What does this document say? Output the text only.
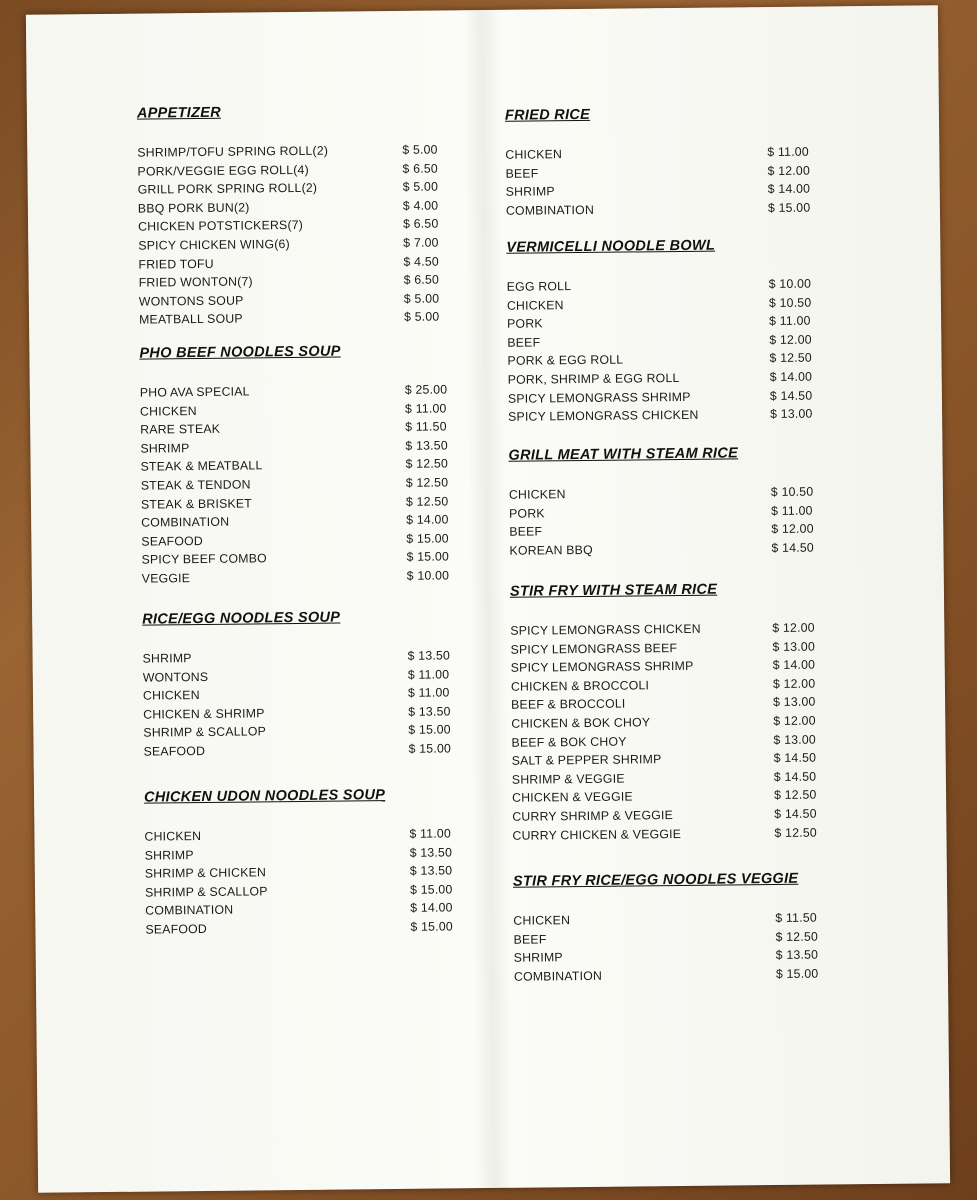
APPETIZER
SHRIMP/TOFU SPRING ROLL(2)	$ 5.00
PORK/VEGGIE EGG ROLL(4)	$ 6.50
GRILL PORK SPRING ROLL(2)	$ 5.00
BBQ PORK BUN(2)	$ 4.00
CHICKEN POTSTICKERS(7)	$ 6.50
SPICY CHICKEN WING(6)	$ 7.00
FRIED TOFU	$ 4.50
FRIED WONTON(7)	$ 6.50
WONTONS SOUP	$ 5.00
MEATBALL SOUP	$ 5.00
PHO BEEF NOODLES SOUP
PHO AVA SPECIAL	$ 25.00
CHICKEN	$ 11.00
RARE STEAK	$ 11.50
SHRIMP	$ 13.50
STEAK & MEATBALL	$ 12.50
STEAK & TENDON	$ 12.50
STEAK & BRISKET	$ 12.50
COMBINATION	$ 14.00
SEAFOOD	$ 15.00
SPICY BEEF COMBO	$ 15.00
VEGGIE	$ 10.00
RICE/EGG NOODLES SOUP
SHRIMP	$ 13.50
WONTONS	$ 11.00
CHICKEN	$ 11.00
CHICKEN & SHRIMP	$ 13.50
SHRIMP & SCALLOP	$ 15.00
SEAFOOD	$ 15.00
CHICKEN UDON NOODLES SOUP
CHICKEN	$ 11.00
SHRIMP	$ 13.50
SHRIMP & CHICKEN	$ 13.50
SHRIMP & SCALLOP	$ 15.00
COMBINATION	$ 14.00
SEAFOOD	$ 15.00
FRIED RICE
CHICKEN	$ 11.00
BEEF	$ 12.00
SHRIMP	$ 14.00
COMBINATION	$ 15.00
VERMICELLI NOODLE BOWL
EGG ROLL	$ 10.00
CHICKEN	$ 10.50
PORK	$ 11.00
BEEF	$ 12.00
PORK & EGG ROLL	$ 12.50
PORK, SHRIMP & EGG ROLL	$ 14.00
SPICY LEMONGRASS SHRIMP	$ 14.50
SPICY LEMONGRASS CHICKEN	$ 13.00
GRILL MEAT WITH STEAM RICE
CHICKEN	$ 10.50
PORK	$ 11.00
BEEF	$ 12.00
KOREAN BBQ	$ 14.50
STIR FRY WITH STEAM RICE
SPICY LEMONGRASS CHICKEN	$ 12.00
SPICY LEMONGRASS BEEF	$ 13.00
SPICY LEMONGRASS SHRIMP	$ 14.00
CHICKEN & BROCCOLI	$ 12.00
BEEF & BROCCOLI	$ 13.00
CHICKEN & BOK CHOY	$ 12.00
BEEF & BOK CHOY	$ 13.00
SALT & PEPPER SHRIMP	$ 14.50
SHRIMP & VEGGIE	$ 14.50
CHICKEN & VEGGIE	$ 12.50
CURRY SHRIMP & VEGGIE	$ 14.50
CURRY CHICKEN & VEGGIE	$ 12.50
STIR FRY RICE/EGG NOODLES VEGGIE
CHICKEN	$ 11.50
BEEF	$ 12.50
SHRIMP	$ 13.50
COMBINATION	$ 15.00
